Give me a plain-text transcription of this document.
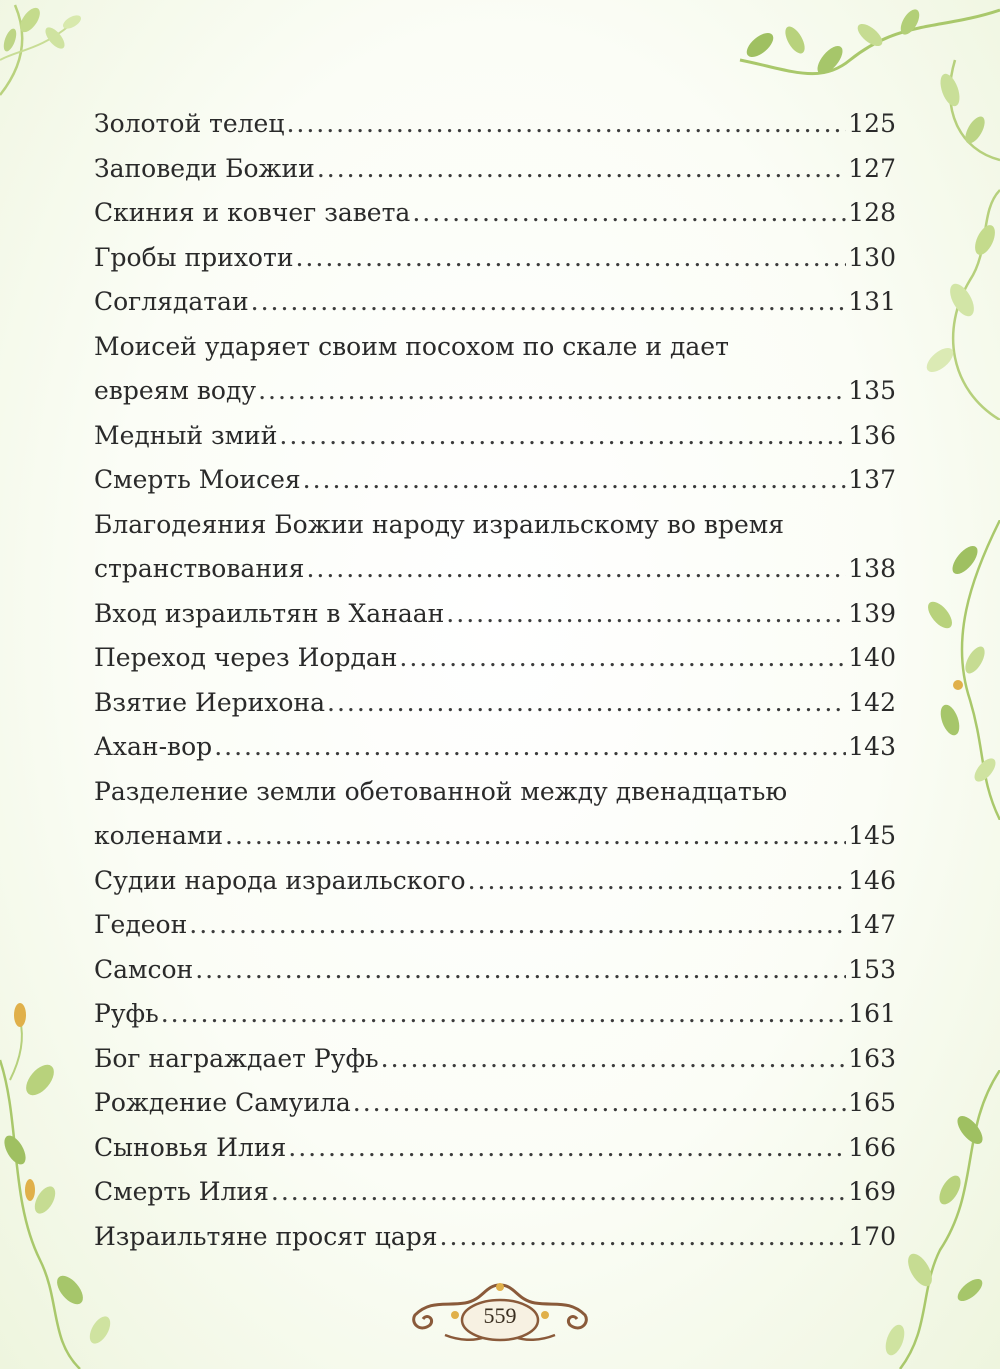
Золотой телец .....	125
Заповеди Божии .....	127
Скиния и ковчег завета .....	128
Гробы прихоти .....	130
Соглядатаи .....	131
Моисей ударяет своим посохом по скале и дает
евреям воду .....	135
Медный змий .....	136
Смерть Моисея .....	137
Благодеяния Божии народу израильскому во время
странствования .....	138
Вход израильтян в Ханаан .....	139
Переход через Иордан .....	140
Взятие Иерихона .....	142
Ахан-вор .....	143
Разделение земли обетованной между двенадцатью
коленами .....	145
Судии народа израильского .....	146
Гедеон .....	147
Самсон .....	153
Руфь .....	161
Бог награждает Руфь .....	163
Рождение Самуила .....	165
Сыновья Илия .....	166
Смерть Илия .....	169
Израильтяне просят царя .....	170
559
